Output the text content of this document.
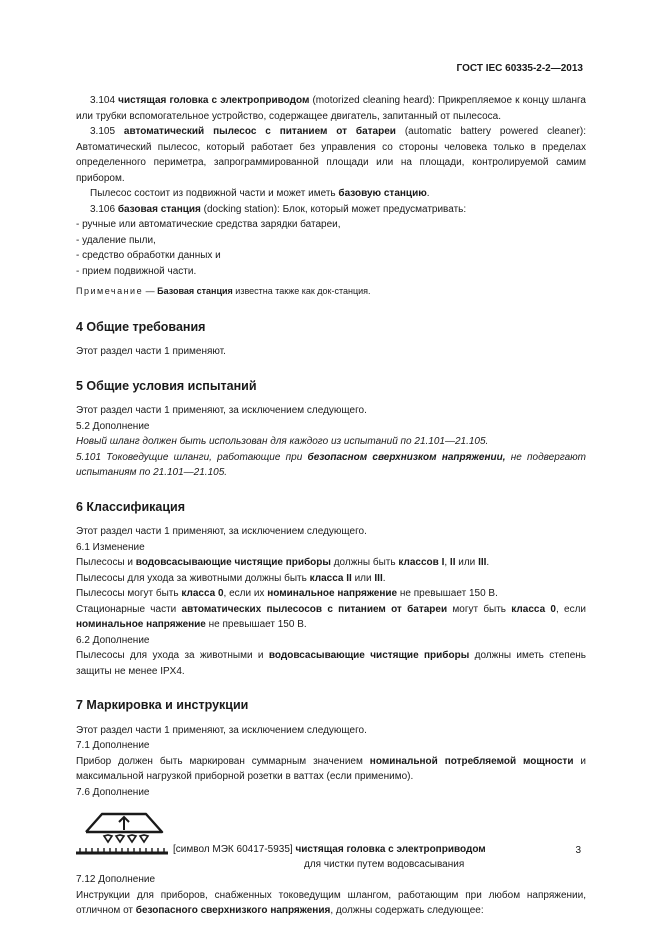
ГОСТ IEC 60335-2-2—2013

3.104 чистящая головка с электроприводом (motorized cleaning heard): Прикрепляемое к концу шланга или трубки вспомогательное устройство, содержащее двигатель, запитанный от пылесоса.

3.105 автоматический пылесос с питанием от батареи (automatic battery powered cleaner): Автоматический пылесос, который работает без управления со стороны человека только в пределах определенного периметра, запрограммированной площади или на площади, контролируемой самим прибором.

Пылесос состоит из подвижной части и может иметь базовую станцию.

3.106 базовая станция (docking station): Блок, который может предусматривать:

- ручные или автоматические средства зарядки батареи,
- удаление пыли,
- средство обработки данных и
- прием подвижной части.

Примечание — Базовая станция известна также как док-станция.

4 Общие требования

Этот раздел части 1 применяют.

5 Общие условия испытаний

Этот раздел части 1 применяют, за исключением следующего.

5.2 Дополнение

Новый шланг должен быть использован для каждого из испытаний по 21.101—21.105.

5.101 Токоведущие шланги, работающие при безопасном сверхнизком напряжении, не подвергают испытаниям по 21.101—21.105.

6 Классификация

Этот раздел части 1 применяют, за исключением следующего.

6.1 Изменение

Пылесосы и водовсасывающие чистящие приборы должны быть классов I, II или III.

Пылесосы для ухода за животными должны быть класса II или III.

Пылесосы могут быть класса 0, если их номинальное напряжение не превышает 150 В.

Стационарные части автоматических пылесосов с питанием от батареи могут быть класса 0, если номинальное напряжение не превышает 150 В.

6.2 Дополнение

Пылесосы для ухода за животными и водовсасывающие чистящие приборы должны иметь степень защиты не менее IPX4.

7 Маркировка и инструкции

Этот раздел части 1 применяют, за исключением следующего.

7.1 Дополнение

Прибор должен быть маркирован суммарным значением номинальной потребляемой мощности и максимальной нагрузкой приборной розетки в ваттах (если применимо).

7.6 Дополнение

[символ МЭК 60417-5935] чистящая головка с электроприводом
для чистки путем водовсасывания

7.12 Дополнение

Инструкции для приборов, снабженных токоведущим шлангом, работающим при любом напряжении, отличном от безопасного сверхнизкого напряжения, должны содержать следующее:

3
